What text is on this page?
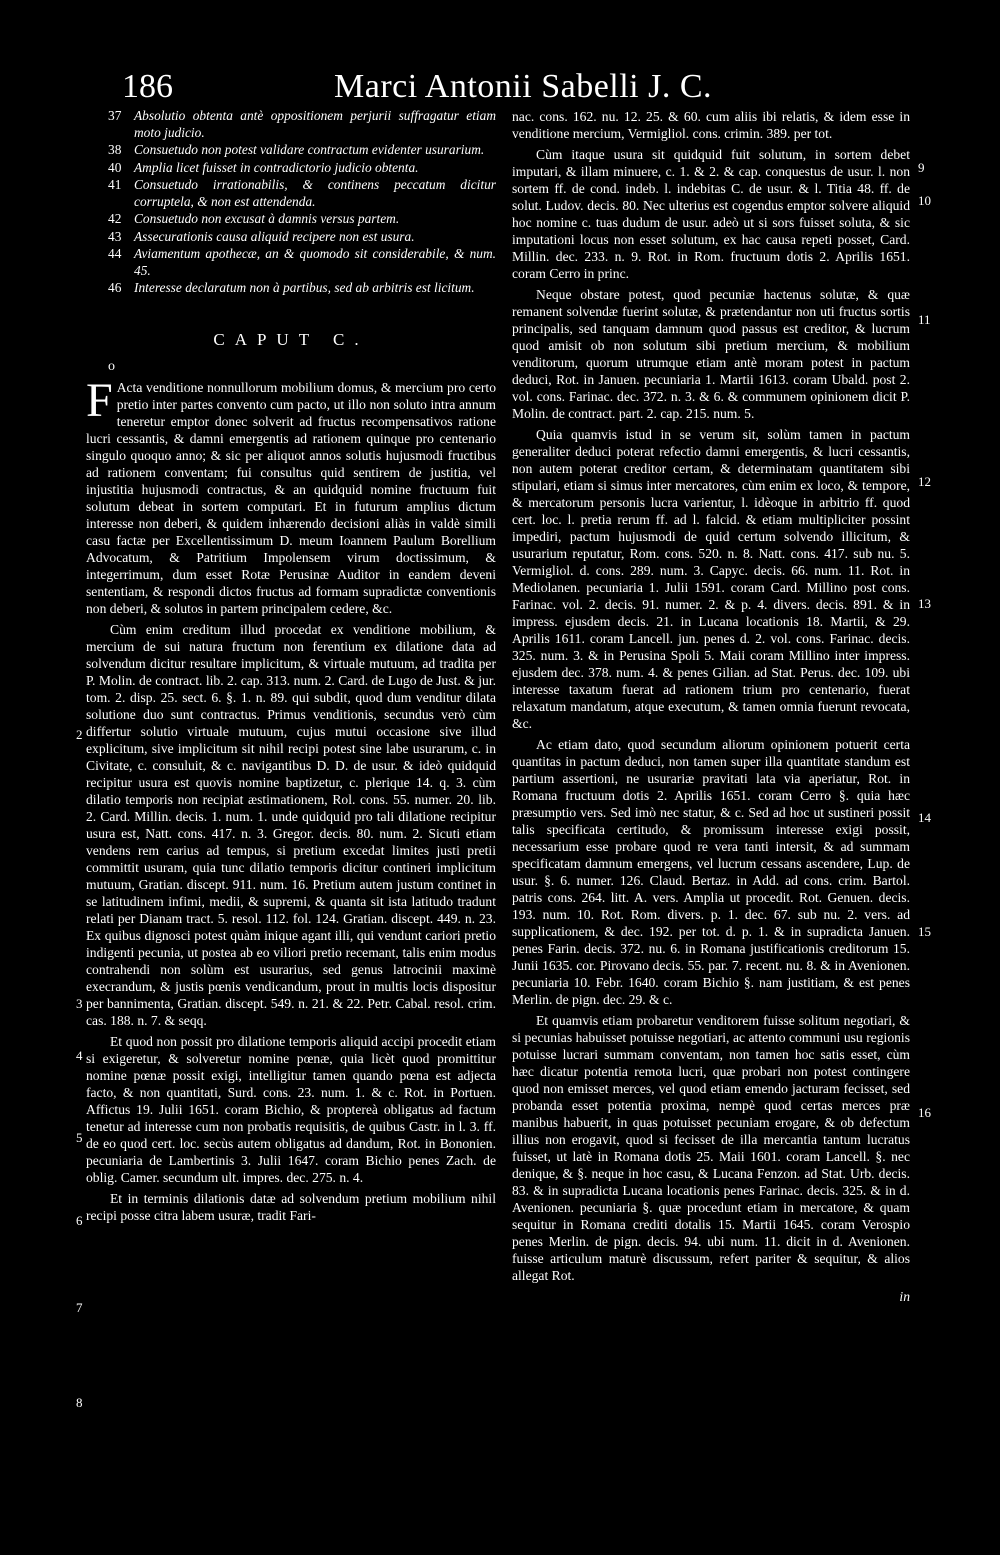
186	Marci Antonii Sabelli J. C.
37 Absolutio obtenta antè oppositionem perjurii suffragatur etiam moto judicio.
38 Consuetudo non potest validare contractum evidenter usurarium.
40 Amplia licet fuisset in contradictorio judicio obtenta.
41 Consuetudo irrationabilis, & continens peccatum dicitur corruptela, & non est attendenda.
42 Consuetudo non excusat à damnis versus partem.
43 Assecurationis causa aliquid recipere non est usura.
44 Aviamentum apothecæ, an & quomodo sit considerabile, & num. 45.
46 Interesse declaratum non à partibus, sed ab arbitris est licitum.
CAPUT C.
o

F Acta venditione nonnullorum mobilium domus, & mercium pro certo pretio inter partes convento cum pacto, ut illo non soluto intra annum teneretur emptor donec solverit ad fructus recompensativos ratione lucri cessantis, & damni emergentis ad rationem quinque pro centenario singulo quoquo anno; & sic per aliquot annos solutis hujusmodi fructibus ad rationem conventam; fui consultus quid sentirem de justitia, vel injustitia hujusmodi contractus, & an quidquid nomine fructuum fuit solutum debeat in sortem computari. Et in futurum amplius dictum interesse non deberi, & quidem inhærendo decisioni aliàs in valdè simili casu factæ per Excellentissimum D. meum Ioannem Paulum Borellium Advocatum, & Patritium Impolensem virum doctissimum, & integerrimum, dum esset Rotæ Perusinæ Auditor in eandem deveni sententiam, & respondi dictos fructus ad formam supradictæ conventionis non deberi, & solutos in partem principalem cedere, &c.

Cùm enim creditum illud procedat ex venditione mobilium, & mercium de sui natura fructum non ferentium ex dilatione data ad solvendum dicitur resultare implicitum, & virtuale mutuum, ad tradita per P. Molin. de contract. lib. 2. cap. 313. num. 2. Card. de Lugo de Just. & jur. tom. 2. disp. 25. sect. 6. §. 1. n. 89. qui subdit, quod dum venditur dilata solutione duo sunt contractus. Primus venditionis, secundus verò cùm differtur solutio virtuale mutuum, cujus mutui occasione sive illud explicitum, sive implicitum sit nihil recipi potest sine labe usurarum, c. in Civitate, c. consuluit, & c. navigantibus D. D. de usur. & ideò quidquid recipitur usura est quovis nomine baptizetur, c. plerique 14. q. 3. cùm dilatio temporis non recipiat æstimationem, Rol. cons. 55. numer. 20. lib. 2. Card. Millin. decis. 1. num. 1. unde quidquid pro tali dilatione recipitur usura est, Natt. cons. 417. n. 3. Gregor. decis. 80. num. 2. Sicuti etiam vendens rem carius ad tempus, si pretium excedat limites justi pretii committit usuram, quia tunc dilatio temporis dicitur contineri implicitum mutuum, Gratian. discept. 911. num. 16. Pretium autem justum continet in se latitudinem infimi, medii, & supremi, & quanta sit ista latitudo tradunt relati per Dianam tract. 5. resol. 112. fol. 124. Gratian. discept. 449. n. 23. Ex quibus dignosci potest quàm inique agant illi, qui vendunt cariori pretio indigenti pecunia, ut postea ab eo viliori pretio recemant, talis enim modus contrahendi non solùm est usurarius, sed genus latrocinii maximè execrandum, & justis pœnis vendicandum, prout in multis locis dispositur per bannimenta, Gratian. discept. 549. n. 21. & 22. Petr. Cabal. resol. crim. cas. 188. n. 7. & seqq.

Et quod non possit pro dilatione temporis aliquid accipi procedit etiam si exigeretur, & solveretur nomine pœnæ, quia licèt quod promittitur nomine pœnæ possit exigi, intelligitur tamen quando pœna est adjecta facto, & non quantitati, Surd. cons. 23. num. 1. & c. Rot. in Portuen. Affictus 19. Julii 1651. coram Bichio, & proptereà obligatus ad factum tenetur ad interesse cum non probatis requisitis, de quibus Castr. in l. 3. ff. de eo quod cert. loc. secùs autem obligatus ad dandum, Rot. in Bononien. pecuniaria de Lambertinis 3. Julii 1647. coram Bichio penes Zach. de oblig. Camer. secundum ult. impres. dec. 275. n. 4.

Et in terminis dilationis datæ ad solvendum pretium mobilium nihil recipi posse citra labem usuræ, tradit Fari-

nac. cons. 162. nu. 12. 25. & 60. cum aliis ibi relatis, & idem esse in venditione mercium, Vermigliol. cons. crimin. 389. per tot.

Cùm itaque usura sit quidquid fuit solutum, in sortem debet imputari, & illam minuere, c. 1. & 2. & cap. conquestus de usur. l. non sortem ff. de cond. indeb. l. indebitas C. de usur. & l. Titia 48. ff. de solut. Ludov. decis. 80. Nec ulterius est cogendus emptor solvere aliquid hoc nomine c. tuas dudum de usur. adeò ut si sors fuisset soluta, & sic imputationi locus non esset solutum, ex hac causa repeti posset, Card. Millin. dec. 233. n. 9. Rot. in Rom. fructuum dotis 2. Aprilis 1651. coram Cerro in princ.

Neque obstare potest, quod pecuniæ hactenus solutæ, & quæ remanent solvendæ fuerint solutæ, & prætendantur non uti fructus sortis principalis, sed tanquam damnum quod passus est creditor, & lucrum quod amisit ob non solutum sibi pretium mercium, & mobilium venditorum, quorum utrumque etiam antè moram potest in pactum deduci, Rot. in Januen. pecuniaria 1. Martii 1613. coram Ubald. post 2. vol. cons. Farinac. dec. 372. n. 3. & 6. & communem opinionem dicit P. Molin. de contract. part. 2. cap. 215. num. 5.

Quia quamvis istud in se verum sit, solùm tamen in pactum generaliter deduci poterat refectio damni emergentis, & lucri cessantis, non autem poterat creditor certam, & determinatam quantitatem sibi stipulari, etiam si simus inter mercatores, cùm enim ex loco, & tempore, & mercatorum personis lucra varientur, l. idèoque in arbitrio ff. quod cert. loc. l. pretia rerum ff. ad l. falcid. & etiam multipliciter possint impediri, pactum hujusmodi de quid certum solvendo illicitum, & usurarium reputatur, Rom. cons. 520. n. 8. Natt. cons. 417. sub nu. 5. Vermigliol. d. cons. 289. num. 3. Capyc. decis. 66. num. 11. Rot. in Mediolanen. pecuniaria 1. Julii 1591. coram Card. Millino post cons. Farinac. vol. 2. decis. 91. numer. 2. & p. 4. divers. decis. 891. & in impress. ejusdem decis. 21. in Lucana locationis 18. Martii, & 29. Aprilis 1611. coram Lancell. jun. penes d. 2. vol. cons. Farinac. decis. 325. num. 3. & in Perusina Spoli 5. Maii coram Millino inter impress. ejusdem dec. 378. num. 4. & penes Gilian. ad Stat. Perus. dec. 109. ubi interesse taxatum fuerat ad rationem trium pro centenario, fuerat relaxatum mandatum, atque executum, & tamen omnia fuerunt revocata, &c.

Ac etiam dato, quod secundum aliorum opinionem potuerit certa quantitas in pactum deduci, non tamen super illa quantitate standum est partium assertioni, ne usurariæ pravitati lata via aperiatur, Rot. in Romana fructuum dotis 2. Aprilis 1651. coram Cerro §. quia hæc præsumptio vers. Sed imò nec statur, & c. Sed ad hoc ut sustineri possit talis specificata certitudo, & promissum interesse exigi possit, necessarium esse probare quod re vera tanti intersit, & ad summam specificatam damnum emergens, vel lucrum cessans ascendere, Lup. de usur. §. 6. numer. 126. Claud. Bertaz. in Add. ad cons. crim. Bartol. patris cons. 264. litt. A. vers. Amplia ut procedit. Rot. Genuen. decis. 193. num. 10. Rot. Rom. divers. p. 1. dec. 67. sub nu. 2. vers. ad supplicationem, & dec. 192. per tot. d. p. 1. & in supradicta Januen. penes Farin. decis. 372. nu. 6. in Romana justificationis creditorum 15. Junii 1635. cor. Pirovano decis. 55. par. 7. recent. nu. 8. & in Avenionen. pecuniaria 10. Febr. 1640. coram Bichio §. nam justitiam, & est penes Merlin. de pign. dec. 29. & c.

Et quamvis etiam probaretur venditorem fuisse solitum negotiari, & si pecunias habuisset potuisse negotiari, ac attento communi usu regionis potuisse lucrari summam conventam, non tamen hoc satis esset, cùm hæc dicatur potentia remota lucri, quæ probari non potest contingere quod non emisset merces, vel quod etiam emendo jacturam fecisset, sed probanda esset potentia proxima, nempè quod certas merces præ manibus habuerit, in quas potuisset pecuniam erogare, & ob defectum illius non erogavit, quod si fecisset de illa mercantia tantum lucratus fuisset, ut latè in Romana dotis 25. Maii 1601. coram Lancell. §. nec denique, & §. neque in hoc casu, & Lucana Fenzon. ad Stat. Urb. decis. 83. & in supradicta Lucana locationis penes Farinac. decis. 325. & in d. Avenionen. pecuniaria §. quæ procedunt etiam in mercatore, & quam sequitur in Romana crediti dotalis 15. Martii 1645. coram Verospio penes Merlin. de pign. decis. 94. ubi num. 11. dicit in d. Avenionen. fuisse articulum maturè discussum, refert pariter & sequitur, & alios allegat Rot.

in
2
3
4
5
6
7
8
9
10
11
12
13
14
15
16
